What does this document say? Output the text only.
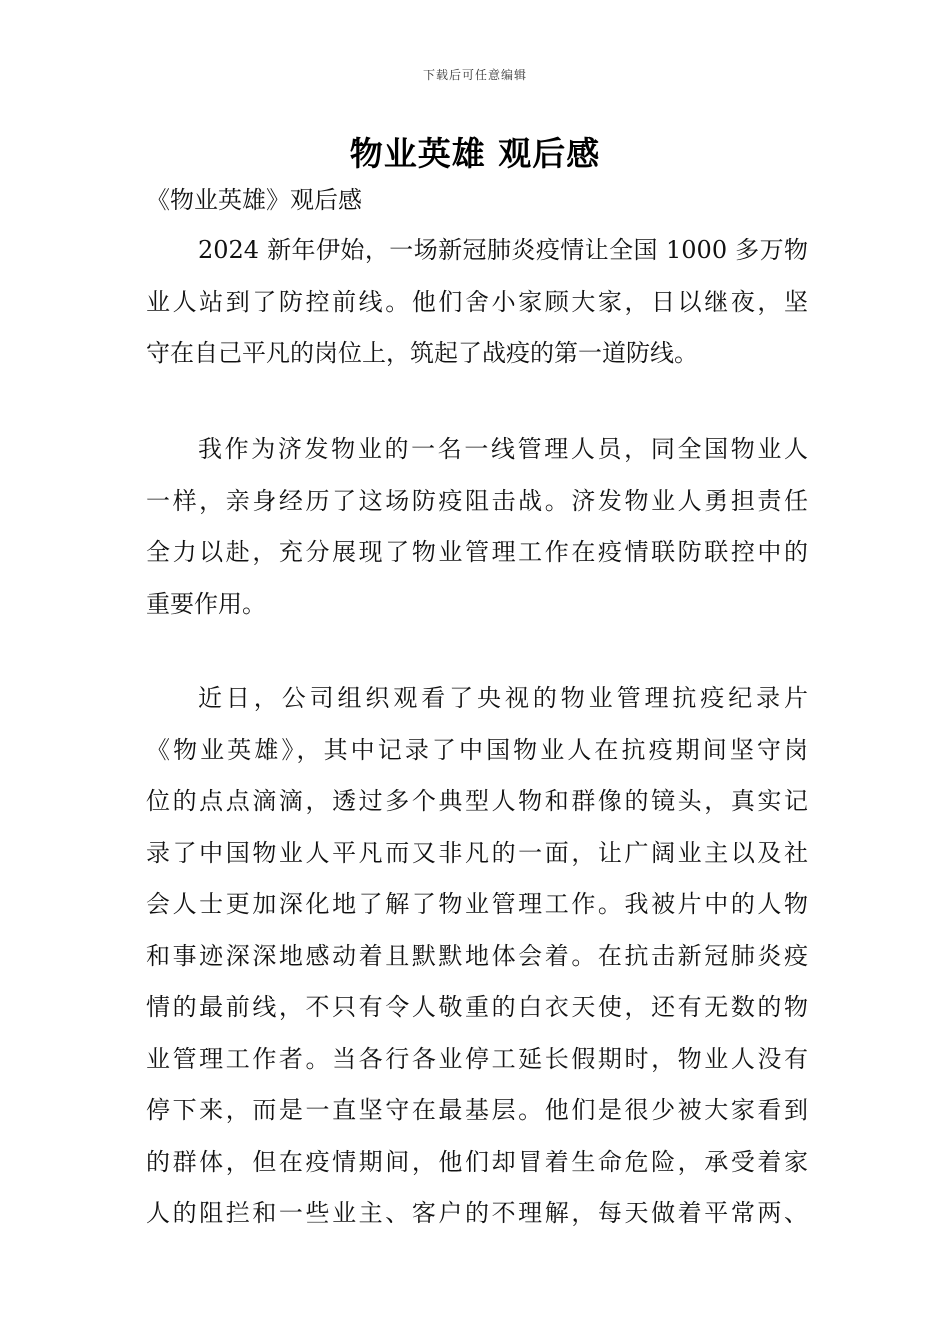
下载后可任意编辑
物业英雄 观后感

《物业英雄》观后感

2024 新年伊始，一场新冠肺炎疫情让全国 1000 多万物
业人站到了防控前线。他们舍小家顾大家，日以继夜，坚
守在自己平凡的岗位上，筑起了战疫的第一道防线。
我作为济发物业的一名一线管理人员，同全国物业人
一样，亲身经历了这场防疫阻击战。济发物业人勇担责任
全力以赴，充分展现了物业管理工作在疫情联防联控中的
重要作用。
近日，公司组织观看了央视的物业管理抗疫纪录片
《物业英雄》，其中记录了中国物业人在抗疫期间坚守岗
位的点点滴滴，透过多个典型人物和群像的镜头，真实记
录了中国物业人平凡而又非凡的一面，让广阔业主以及社
会人士更加深化地了解了物业管理工作。我被片中的人物
和事迹深深地感动着且默默地体会着。在抗击新冠肺炎疫
情的最前线，不只有令人敬重的白衣天使，还有无数的物
业管理工作者。当各行各业停工延长假期时，物业人没有
停下来，而是一直坚守在最基层。他们是很少被大家看到
的群体，但在疫情期间，他们却冒着生命危险，承受着家
人的阻拦和一些业主、客户的不理解，每天做着平常两、
